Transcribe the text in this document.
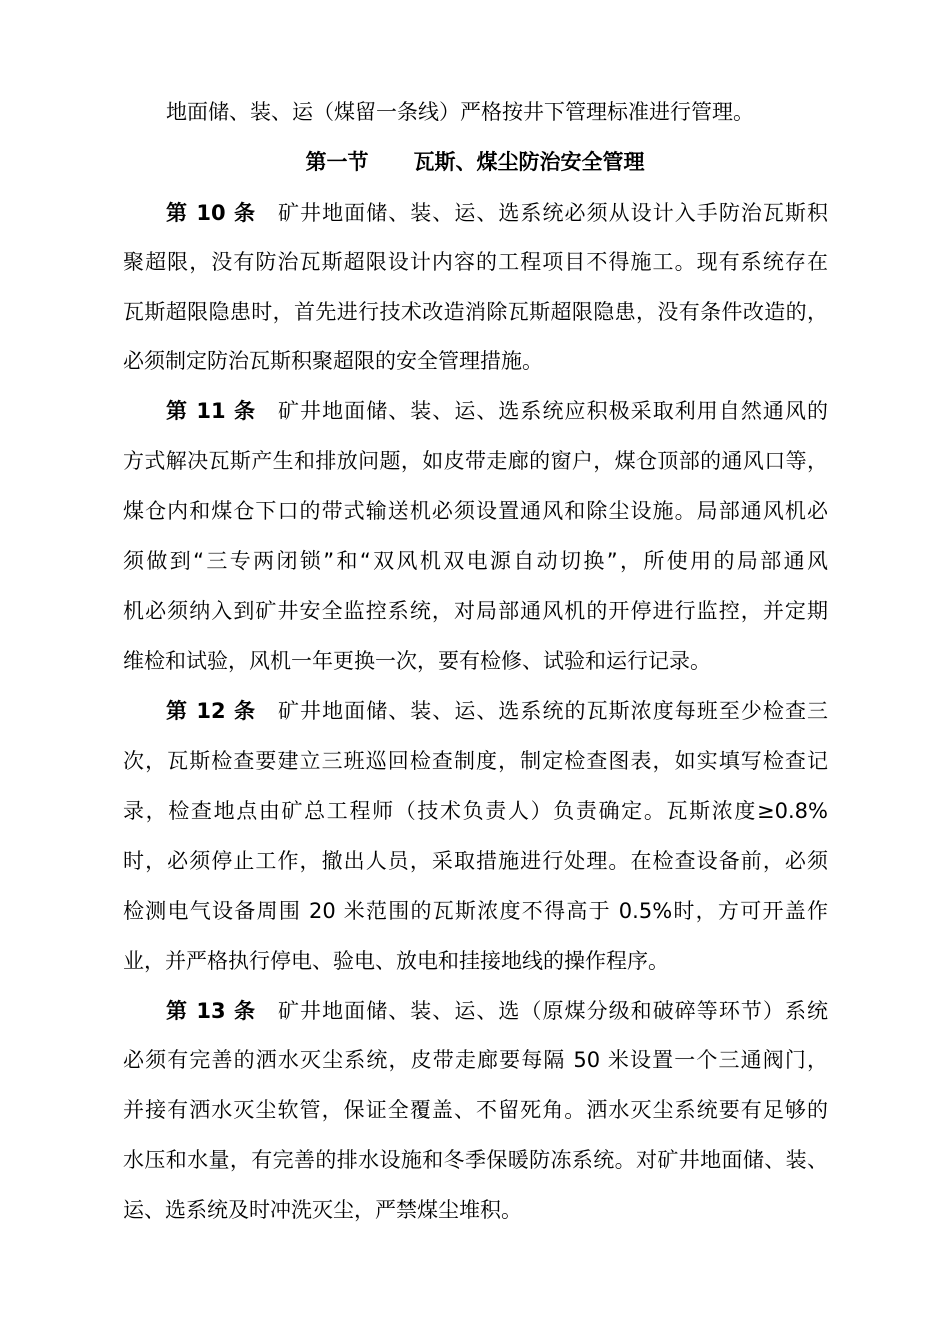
地面储、装、运（煤留一条线）严格按井下管理标准进行管理。
第一节 瓦斯、煤尘防治安全管理
第 10 条 矿井地面储、装、运、选系统必须从设计入手防治瓦斯积
聚超限，没有防治瓦斯超限设计内容的工程项目不得施工。现有系统存在
瓦斯超限隐患时，首先进行技术改造消除瓦斯超限隐患，没有条件改造的，
必须制定防治瓦斯积聚超限的安全管理措施。
第 11 条 矿井地面储、装、运、选系统应积极采取利用自然通风的
方式解决瓦斯产生和排放问题，如皮带走廊的窗户，煤仓顶部的通风口等，
煤仓内和煤仓下口的带式输送机必须设置通风和除尘设施。局部通风机必
须做到“三专两闭锁”和“双风机双电源自动切换”，所使用的局部通风
机必须纳入到矿井安全监控系统，对局部通风机的开停进行监控，并定期
维检和试验，风机一年更换一次，要有检修、试验和运行记录。
第 12 条 矿井地面储、装、运、选系统的瓦斯浓度每班至少检查三
次，瓦斯检查要建立三班巡回检查制度，制定检查图表，如实填写检查记
录，检查地点由矿总工程师（技术负责人）负责确定。瓦斯浓度≥0.8%
时，必须停止工作，撤出人员，采取措施进行处理。在检查设备前，必须
检测电气设备周围 20 米范围的瓦斯浓度不得高于 0.5%时，方可开盖作
业，并严格执行停电、验电、放电和挂接地线的操作程序。
第 13 条 矿井地面储、装、运、选（原煤分级和破碎等环节）系统
必须有完善的洒水灭尘系统，皮带走廊要每隔 50 米设置一个三通阀门，
并接有洒水灭尘软管，保证全覆盖、不留死角。洒水灭尘系统要有足够的
水压和水量，有完善的排水设施和冬季保暖防冻系统。对矿井地面储、装、
运、选系统及时冲洗灭尘，严禁煤尘堆积。
